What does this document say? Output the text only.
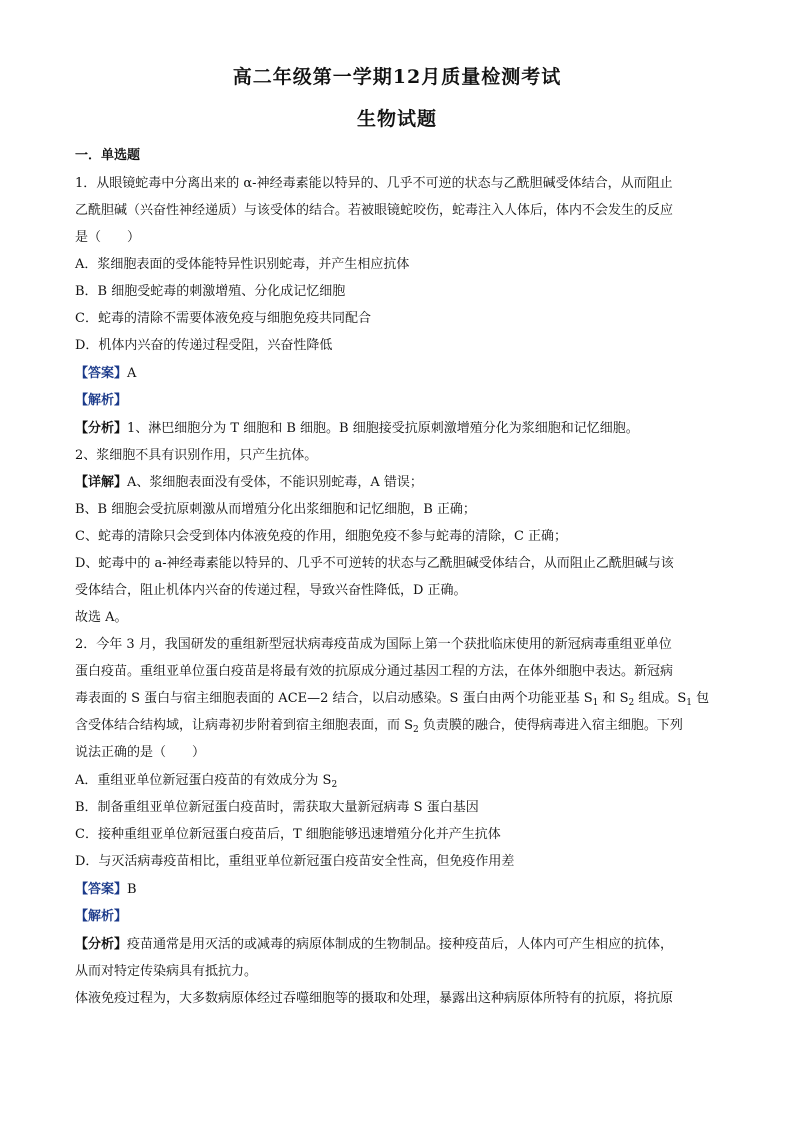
高二年级第一学期12月质量检测考试
生物试题
一．单选题
1．从眼镜蛇毒中分离出来的 α-神经毒素能以特异的、几乎不可逆的状态与乙酰胆碱受体结合，从而阻止
乙酰胆碱（兴奋性神经递质）与该受体的结合。若被眼镜蛇咬伤，蛇毒注入人体后，体内不会发生的反应
是（　　）
A．浆细胞表面的受体能特异性识别蛇毒，并产生相应抗体
B．B 细胞受蛇毒的刺激增殖、分化成记忆细胞
C．蛇毒的清除不需要体液免疫与细胞免疫共同配合
D．机体内兴奋的传递过程受阻，兴奋性降低
【答案】A
【解析】
【分析】1、淋巴细胞分为 T 细胞和 B 细胞。B 细胞接受抗原刺激增殖分化为浆细胞和记忆细胞。
2、浆细胞不具有识别作用，只产生抗体。
【详解】A、浆细胞表面没有受体，不能识别蛇毒，A 错误；
B、B 细胞会受抗原刺激从而增殖分化出浆细胞和记忆细胞，B 正确；
C、蛇毒的清除只会受到体内体液免疫的作用，细胞免疫不参与蛇毒的清除，C 正确；
D、蛇毒中的 a-神经毒素能以特异的、几乎不可逆转的状态与乙酰胆碱受体结合，从而阻止乙酰胆碱与该
受体结合，阻止机体内兴奋的传递过程，导致兴奋性降低，D 正确。
故选 A。
2．今年 3 月，我国研发的重组新型冠状病毒疫苗成为国际上第一个获批临床使用的新冠病毒重组亚单位
蛋白疫苗。重组亚单位蛋白疫苗是将最有效的抗原成分通过基因工程的方法，在体外细胞中表达。新冠病
毒表面的 S 蛋白与宿主细胞表面的 ACE—2 结合，以启动感染。S 蛋白由两个功能亚基 $S_1$ 和 $S_2$ 组成。$S_1$ 包
含受体结合结构域，让病毒初步附着到宿主细胞表面，而 $S_2$ 负责膜的融合，使得病毒进入宿主细胞。下列
说法正确的是（　　）
A．重组亚单位新冠蛋白疫苗的有效成分为 $S_2$
B．制备重组亚单位新冠蛋白疫苗时，需获取大量新冠病毒 S 蛋白基因
C．接种重组亚单位新冠蛋白疫苗后，T 细胞能够迅速增殖分化并产生抗体
D．与灭活病毒疫苗相比，重组亚单位新冠蛋白疫苗安全性高，但免疫作用差
【答案】B
【解析】
【分析】疫苗通常是用灭活的或减毒的病原体制成的生物制品。接种疫苗后，人体内可产生相应的抗体，
从而对特定传染病具有抵抗力。
体液免疫过程为，大多数病原体经过吞噬细胞等的摄取和处理，暴露出这种病原体所特有的抗原，将抗原
